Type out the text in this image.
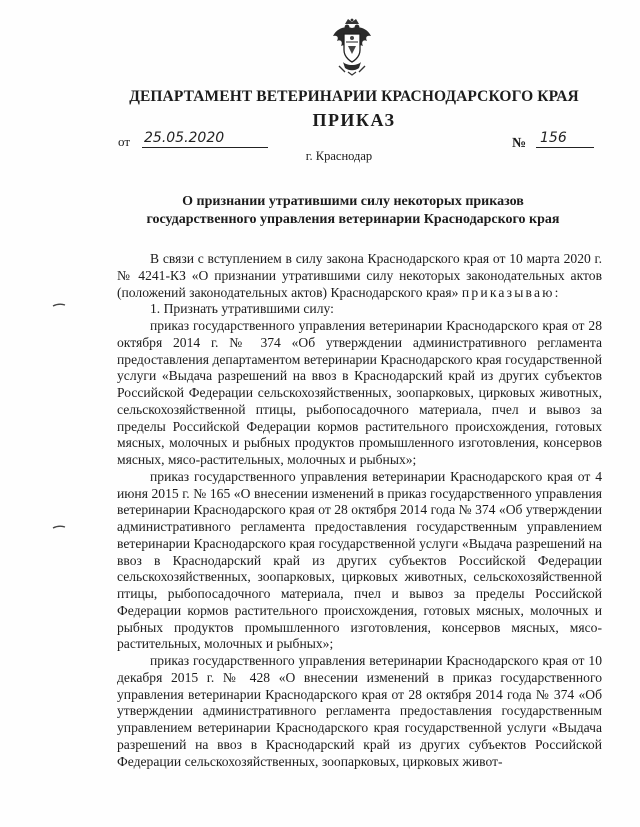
ДЕПАРТАМЕНТ ВЕТЕРИНАРИИ КРАСНОДАРСКОГО КРАЯ
ПРИКАЗ
от 25.05.2020	№ 156
г. Краснодар
О признании утратившими силу некоторых приказов
государственного управления ветеринарии Краснодарского края

В связи с вступлением в силу закона Краснодарского края от 10 марта 2020 г. № 4241-КЗ «О признании утратившими силу некоторых законодательных актов (положений законодательных актов) Краснодарского края» приказываю:

1. Признать утратившими силу:

приказ государственного управления ветеринарии Краснодарского края от 28 октября 2014 г. № 374 «Об утверждении административного регламента предоставления департаментом ветеринарии Краснодарского края государственной услуги «Выдача разрешений на ввоз в Краснодарский край из других субъектов Российской Федерации сельскохозяйственных, зоопарковых, цирковых животных, сельскохозяйственной птицы, рыбопосадочного материала, пчел и вывоз за пределы Российской Федерации кормов растительного происхождения, готовых мясных, молочных и рыбных продуктов промышленного изготовления, консервов мясных, мясо-растительных, молочных и рыбных»;

приказ государственного управления ветеринарии Краснодарского края от 4 июня 2015 г. № 165 «О внесении изменений в приказ государственного управления ветеринарии Краснодарского края от 28 октября 2014 года № 374 «Об утверждении административного регламента предоставления государственным управлением ветеринарии Краснодарского края государственной услуги «Выдача разрешений на ввоз в Краснодарский край из других субъектов Российской Федерации сельскохозяйственных, зоопарковых, цирковых животных, сельскохозяйственной птицы, рыбопосадочного материала, пчел и вывоз за пределы Российской Федерации кормов растительного происхождения, готовых мясных, молочных и рыбных продуктов промышленного изготовления, консервов мясных, мясо-растительных, молочных и рыбных»;

приказ государственного управления ветеринарии Краснодарского края от 10 декабря 2015 г. № 428 «О внесении изменений в приказ государственного управления ветеринарии Краснодарского края от 28 октября 2014 года № 374 «Об утверждении административного регламента предоставления государственным управлением ветеринарии Краснодарского края государственной услуги «Выдача разрешений на ввоз в Краснодарский край из других субъектов Российской Федерации сельскохозяйственных, зоопарковых, цирковых живот-
